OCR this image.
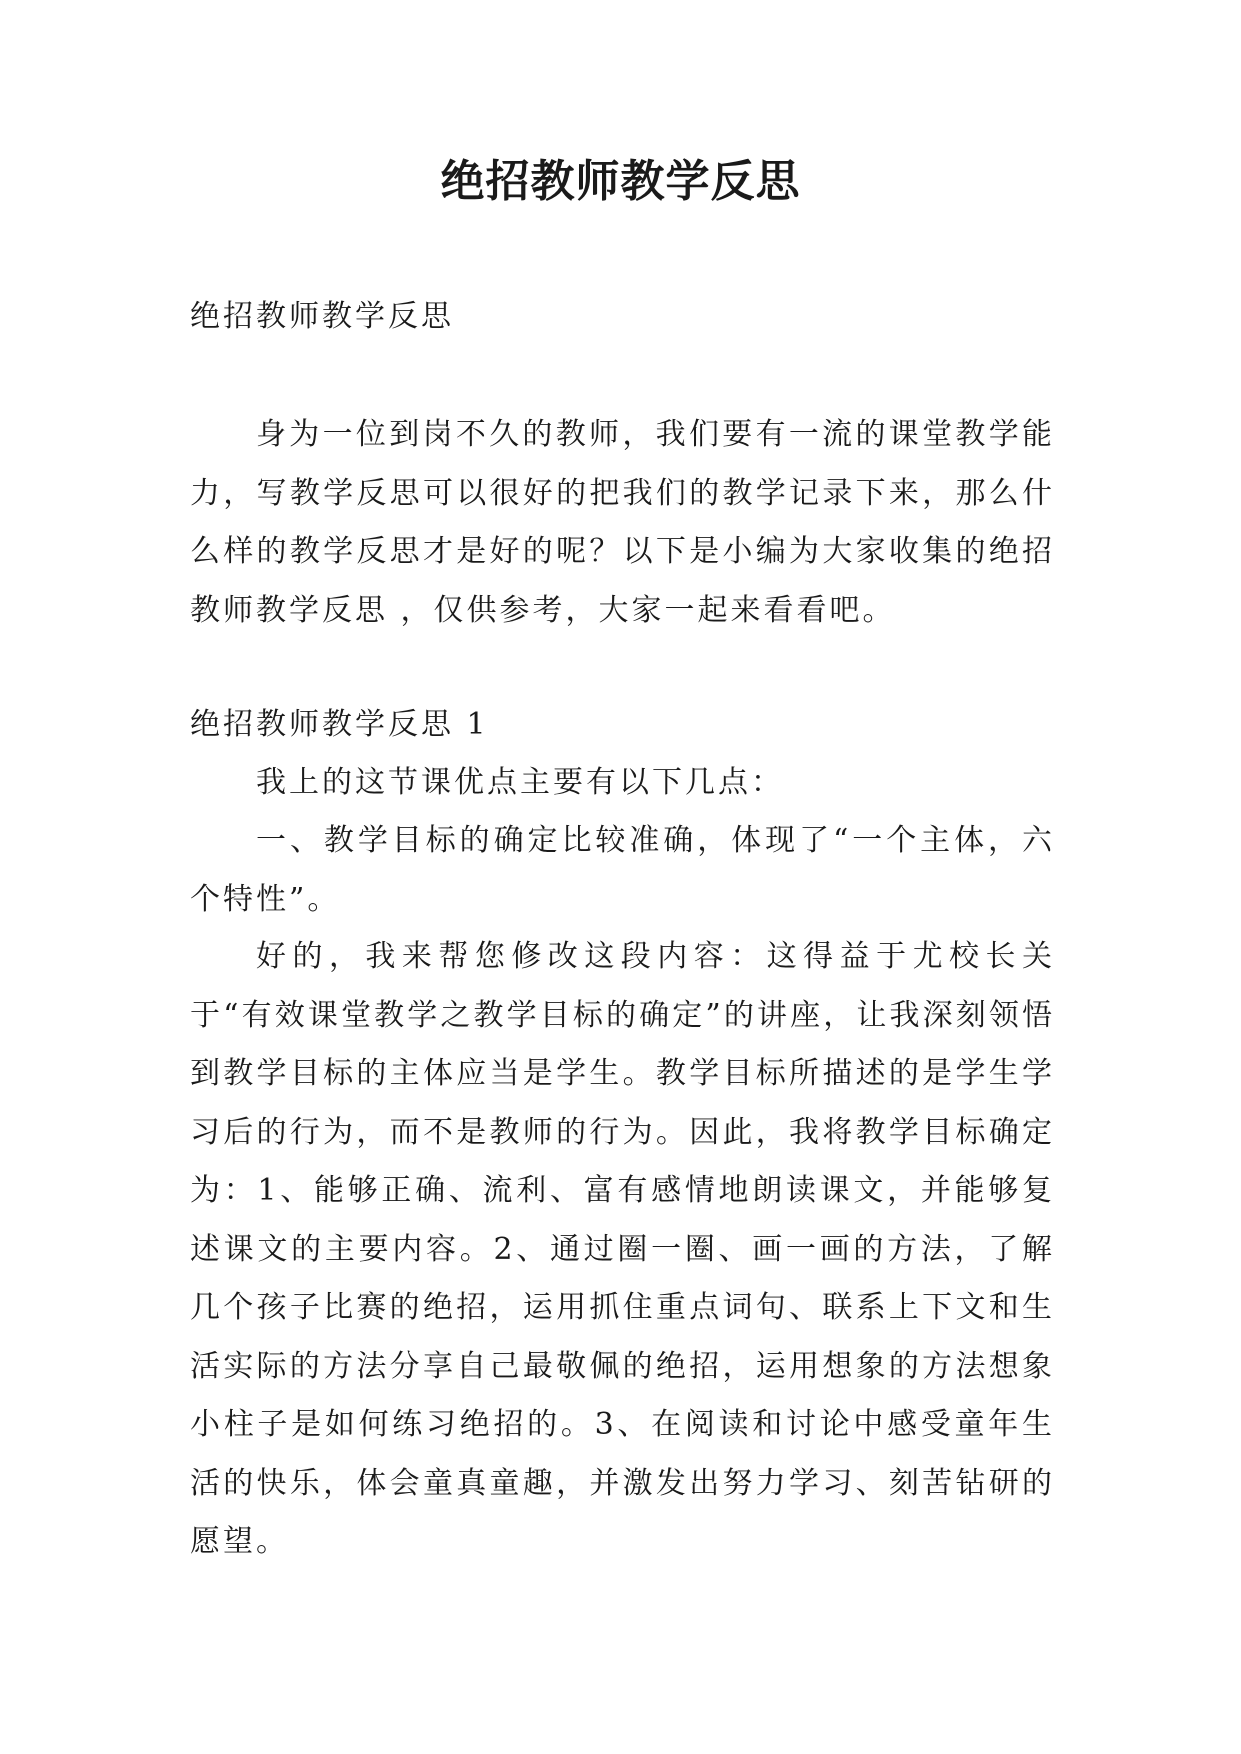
绝招教师教学反思

绝招教师教学反思

身为一位到岗不久的教师，我们要有一流的课堂教学能力，写教学反思可以很好的把我们的教学记录下来，那么什么样的教学反思才是好的呢？以下是小编为大家收集的绝招教师教学反思 ，仅供参考，大家一起来看看吧。

绝招教师教学反思 1

我上的这节课优点主要有以下几点：

一、教学目标的确定比较准确，体现了“一个主体，六个特性”。

好的，我来帮您修改这段内容：这得益于尤校长关于“有效课堂教学之教学目标的确定”的讲座，让我深刻领悟到教学目标的主体应当是学生。教学目标所描述的是学生学习后的行为，而不是教师的行为。因此，我将教学目标确定为：1、能够正确、流利、富有感情地朗读课文，并能够复述课文的主要内容。2、通过圈一圈、画一画的方法，了解几个孩子比赛的绝招，运用抓住重点词句、联系上下文和生活实际的方法分享自己最敬佩的绝招，运用想象的方法想象小柱子是如何练习绝招的。3、在阅读和讨论中感受童年生活的快乐，体会童真童趣，并激发出努力学习、刻苦钻研的愿望。
